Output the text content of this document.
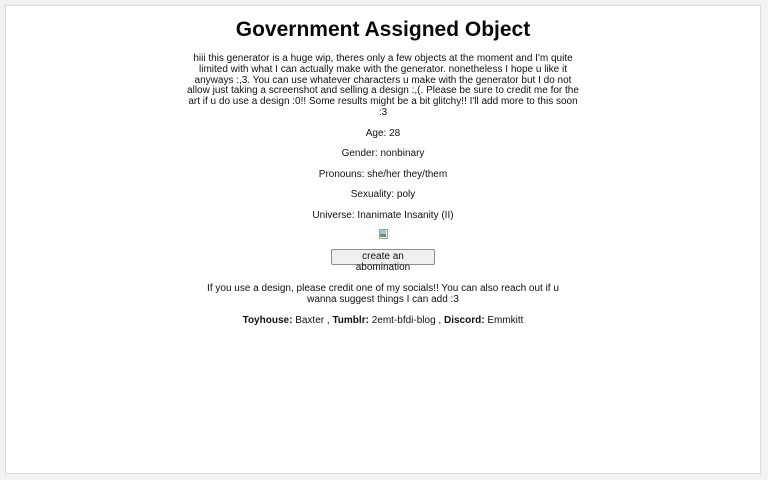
Government Assigned Object

hiii this generator is a huge wip, theres only a few objects at the moment and I'm quite limited with what I can actually make with the generator. nonetheless I hope u like it anyways :,3. You can use whatever characters u make with the generator but I do not allow just taking a screenshot and selling a design :,(. Please be sure to credit me for the art if u do use a design :0!! Some results might be a bit glitchy!! I'll add more to this soon :3

Age: 28

Gender: nonbinary

Pronouns: she/her they/them

Sexuality: poly

Universe: Inanimate Insanity (II)

create an abomination

If you use a design, please credit one of my socials!! You can also reach out if u wanna suggest things I can add :3

Toyhouse: Baxter , Tumblr: 2emt-bfdi-blog , Discord: Emmkitt
